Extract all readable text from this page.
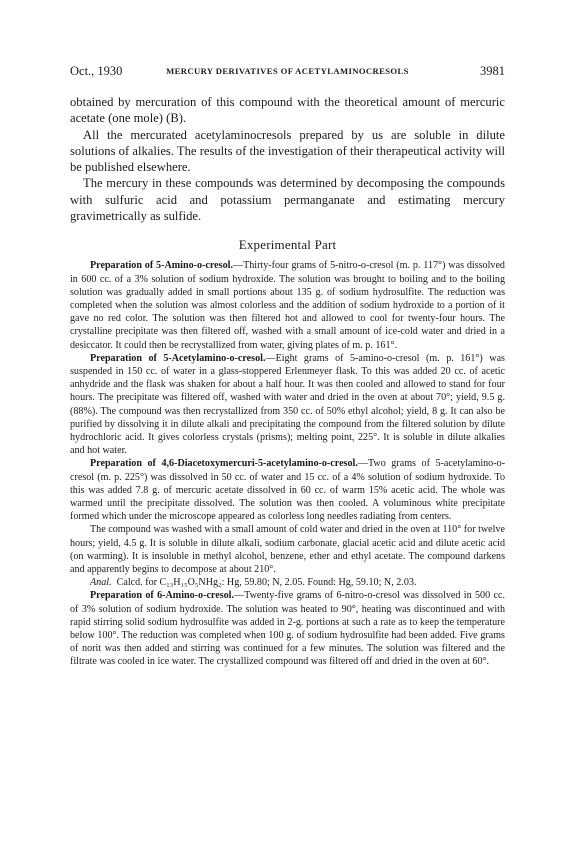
Oct., 1930	MERCURY DERIVATIVES OF ACETYLAMINOCRESOLS	3981

obtained by mercuration of this compound with the theoretical amount of mercuric acetate (one mole) (B).

All the mercurated acetylaminocresols prepared by us are soluble in dilute solutions of alkalies. The results of the investigation of their therapeutical activity will be published elsewhere.

The mercury in these compounds was determined by decomposing the compounds with sulfuric acid and potassium permanganate and estimating mercury gravimetrically as sulfide.

Experimental Part

Preparation of 5-Amino-o-cresol.—Thirty-four grams of 5-nitro-o-cresol (m. p. 117°) was dissolved in 600 cc. of a 3% solution of sodium hydroxide. The solution was brought to boiling and to the boiling solution was gradually added in small portions about 135 g. of sodium hydrosulfite. The reduction was completed when the solution was almost colorless and the addition of sodium hydroxide to a portion of it gave no red color. The solution was then filtered hot and allowed to cool for twenty-four hours. The crystalline precipitate was then filtered off, washed with a small amount of ice-cold water and dried in a desiccator. It could then be recrystallized from water, giving plates of m. p. 161°.

Preparation of 5-Acetylamino-o-cresol.—Eight grams of 5-amino-o-cresol (m. p. 161°) was suspended in 150 cc. of water in a glass-stoppered Erlenmeyer flask. To this was added 20 cc. of acetic anhydride and the flask was shaken for about a half hour. It was then cooled and allowed to stand for four hours. The precipitate was filtered off, washed with water and dried in the oven at about 70°; yield, 9.5 g. (88%). The compound was then recrystallized from 350 cc. of 50% ethyl alcohol; yield, 8 g. It can also be purified by dissolving it in dilute alkali and precipitating the compound from the filtered solution by dilute hydrochloric acid. It gives colorless crystals (prisms); melting point, 225°. It is soluble in dilute alkalies and hot water.

Preparation of 4,6-Diacetoxymercuri-5-acetylamino-o-cresol.—Two grams of 5-acetylamino-o-cresol (m. p. 225°) was dissolved in 50 cc. of water and 15 cc. of a 4% solution of sodium hydroxide. To this was added 7.8 g. of mercuric acetate dissolved in 60 cc. of warm 15% acetic acid. The whole was warmed until the precipitate dissolved. The solution was then cooled. A voluminous white precipitate formed which under the microscope appeared as colorless long needles radiating from centers.

The compound was washed with a small amount of cold water and dried in the oven at 110° for twelve hours; yield, 4.5 g. It is soluble in dilute alkali, sodium carbonate, glacial acetic acid and dilute acetic acid (on warming). It is insoluble in methyl alcohol, benzene, ether and ethyl acetate. The compound darkens and apparently begins to decompose at about 210°.

Anal. Calcd. for C₁₃H₁₅O₅NHg₂: Hg, 59.80; N, 2.05. Found: Hg, 59.10; N, 2.03.

Preparation of 6-Amino-o-cresol.—Twenty-five grams of 6-nitro-o-cresol was dissolved in 500 cc. of 3% solution of sodium hydroxide. The solution was heated to 90°, heating was discontinued and with rapid stirring solid sodium hydrosulfite was added in 2-g. portions at such a rate as to keep the temperature below 100°. The reduction was completed when 100 g. of sodium hydrosulfite had been added. Five grams of norit was then added and stirring was continued for a few minutes. The solution was filtered and the filtrate was cooled in ice water. The crystallized compound was filtered off and dried in the oven at 60°.
